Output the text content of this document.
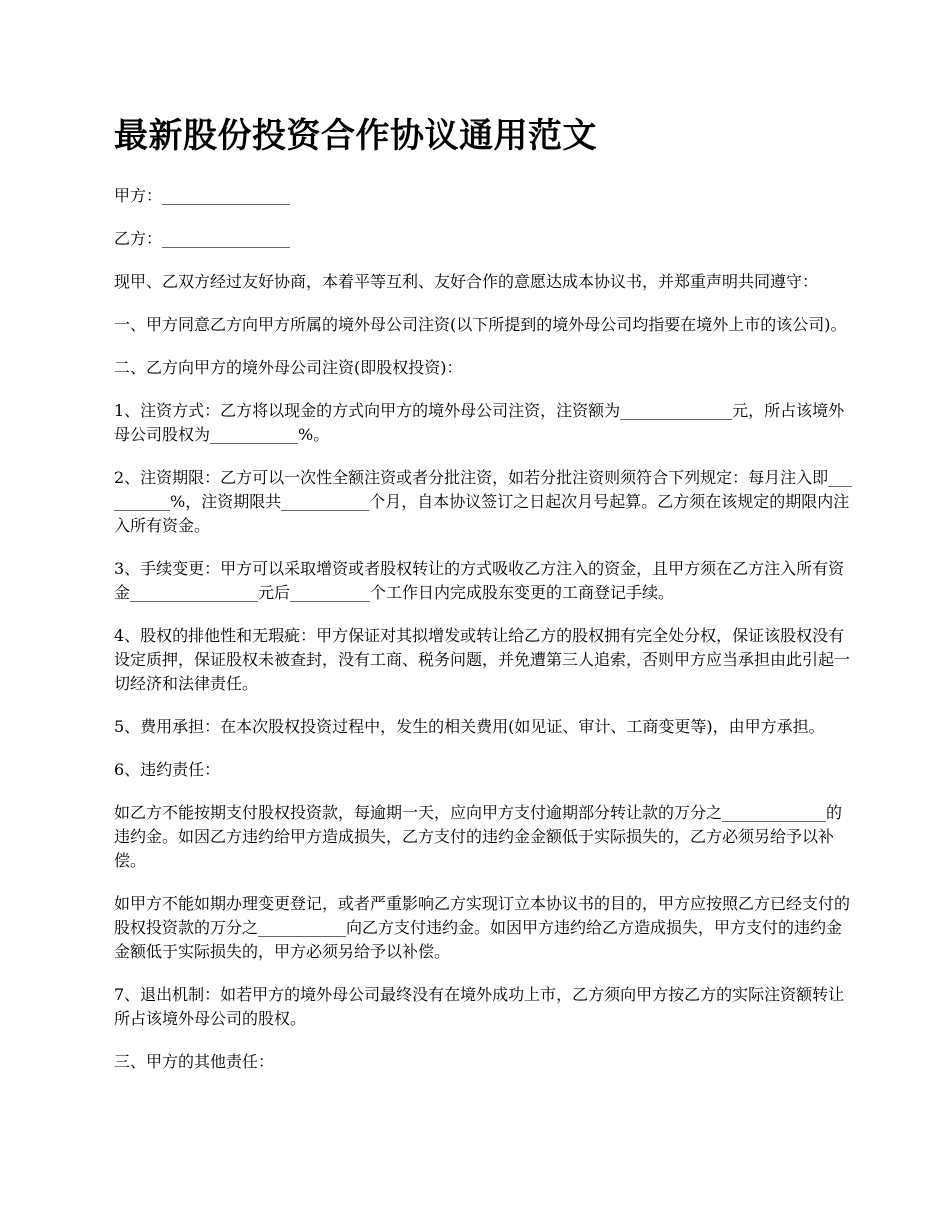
最新股份投资合作协议通用范文

甲方：________________

乙方：________________

现甲、乙双方经过友好协商，本着平等互利、友好合作的意愿达成本协议书，并郑重声明共同遵守：

一、甲方同意乙方向甲方所属的境外母公司注资(以下所提到的境外母公司均指要在境外上市的该公司)。

二、乙方向甲方的境外母公司注资(即股权投资)：

1、注资方式：乙方将以现金的方式向甲方的境外母公司注资，注资额为______________元，所占该境外母公司股权为___________%。

2、注资期限：乙方可以一次性全额注资或者分批注资，如若分批注资则须符合下列规定：每月注入即__________%，注资期限共___________个月，自本协议签订之日起次月号起算。乙方须在该规定的期限内注入所有资金。

3、手续变更：甲方可以采取增资或者股权转让的方式吸收乙方注入的资金，且甲方须在乙方注入所有资金________________元后__________个工作日内完成股东变更的工商登记手续。

4、股权的排他性和无瑕疵：甲方保证对其拟增发或转让给乙方的股权拥有完全处分权，保证该股权没有设定质押，保证股权未被查封，没有工商、税务问题，并免遭第三人追索，否则甲方应当承担由此引起一切经济和法律责任。

5、费用承担：在本次股权投资过程中，发生的相关费用(如见证、审计、工商变更等)，由甲方承担。

6、违约责任：

如乙方不能按期支付股权投资款，每逾期一天，应向甲方支付逾期部分转让款的万分之_____________的违约金。如因乙方违约给甲方造成损失，乙方支付的违约金金额低于实际损失的，乙方必须另给予以补偿。

如甲方不能如期办理变更登记，或者严重影响乙方实现订立本协议书的目的，甲方应按照乙方已经支付的股权投资款的万分之___________向乙方支付违约金。如因甲方违约给乙方造成损失，甲方支付的违约金金额低于实际损失的，甲方必须另给予以补偿。

7、退出机制：如若甲方的境外母公司最终没有在境外成功上市，乙方须向甲方按乙方的实际注资额转让所占该境外母公司的股权。

三、甲方的其他责任：
